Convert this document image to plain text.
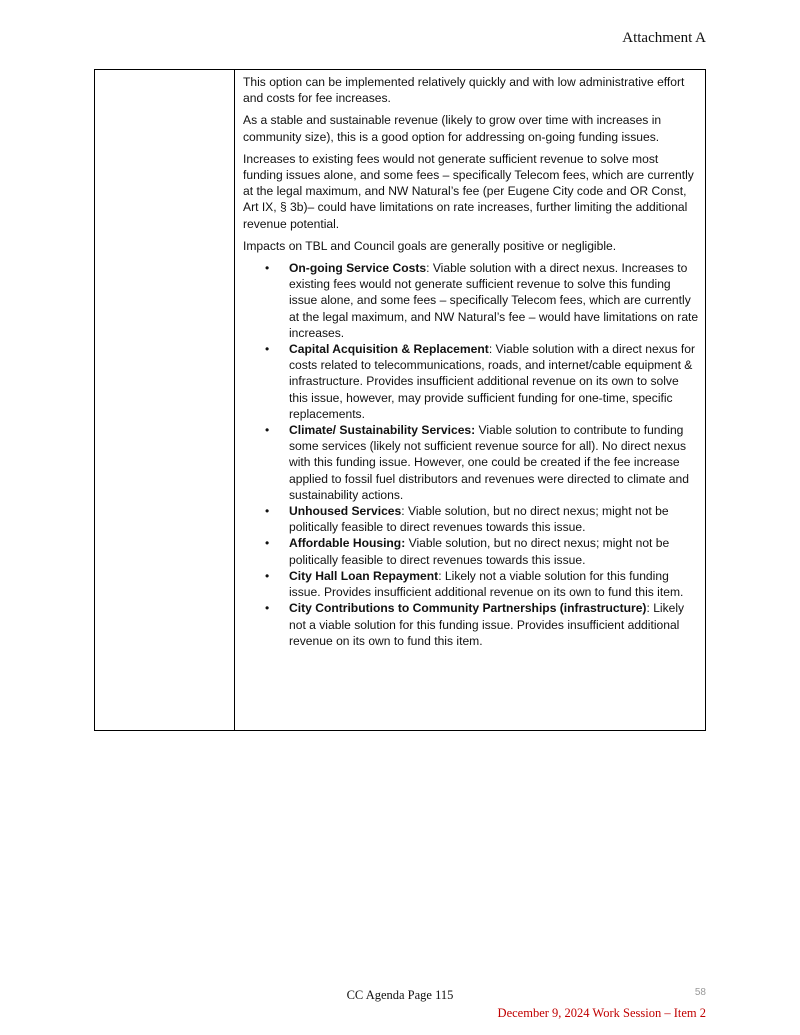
Attachment A

This option can be implemented relatively quickly and with low administrative effort and costs for fee increases.

As a stable and sustainable revenue (likely to grow over time with increases in community size), this is a good option for addressing on-going funding issues.

Increases to existing fees would not generate sufficient revenue to solve most funding issues alone, and some fees – specifically Telecom fees, which are currently at the legal maximum, and NW Natural’s fee (per Eugene City code and OR Const, Art IX, § 3b)– could have limitations on rate increases, further limiting the additional revenue potential.

Impacts on TBL and Council goals are generally positive or negligible.

• On-going Service Costs: Viable solution with a direct nexus. Increases to existing fees would not generate sufficient revenue to solve this funding issue alone, and some fees – specifically Telecom fees, which are currently at the legal maximum, and NW Natural’s fee – would have limitations on rate increases.
• Capital Acquisition & Replacement: Viable solution with a direct nexus for costs related to telecommunications, roads, and internet/cable equipment & infrastructure. Provides insufficient additional revenue on its own to solve this issue, however, may provide sufficient funding for one-time, specific replacements.
• Climate/ Sustainability Services: Viable solution to contribute to funding some services (likely not sufficient revenue source for all). No direct nexus with this funding issue. However, one could be created if the fee increase applied to fossil fuel distributors and revenues were directed to climate and sustainability actions.
• Unhoused Services: Viable solution, but no direct nexus; might not be politically feasible to direct revenues towards this issue.
• Affordable Housing: Viable solution, but no direct nexus; might not be politically feasible to direct revenues towards this issue.
• City Hall Loan Repayment: Likely not a viable solution for this funding issue. Provides insufficient additional revenue on its own to fund this item.
• City Contributions to Community Partnerships (infrastructure): Likely not a viable solution for this funding issue. Provides insufficient additional revenue on its own to fund this item.
CC Agenda Page 115	58
December 9, 2024 Work Session – Item 2
